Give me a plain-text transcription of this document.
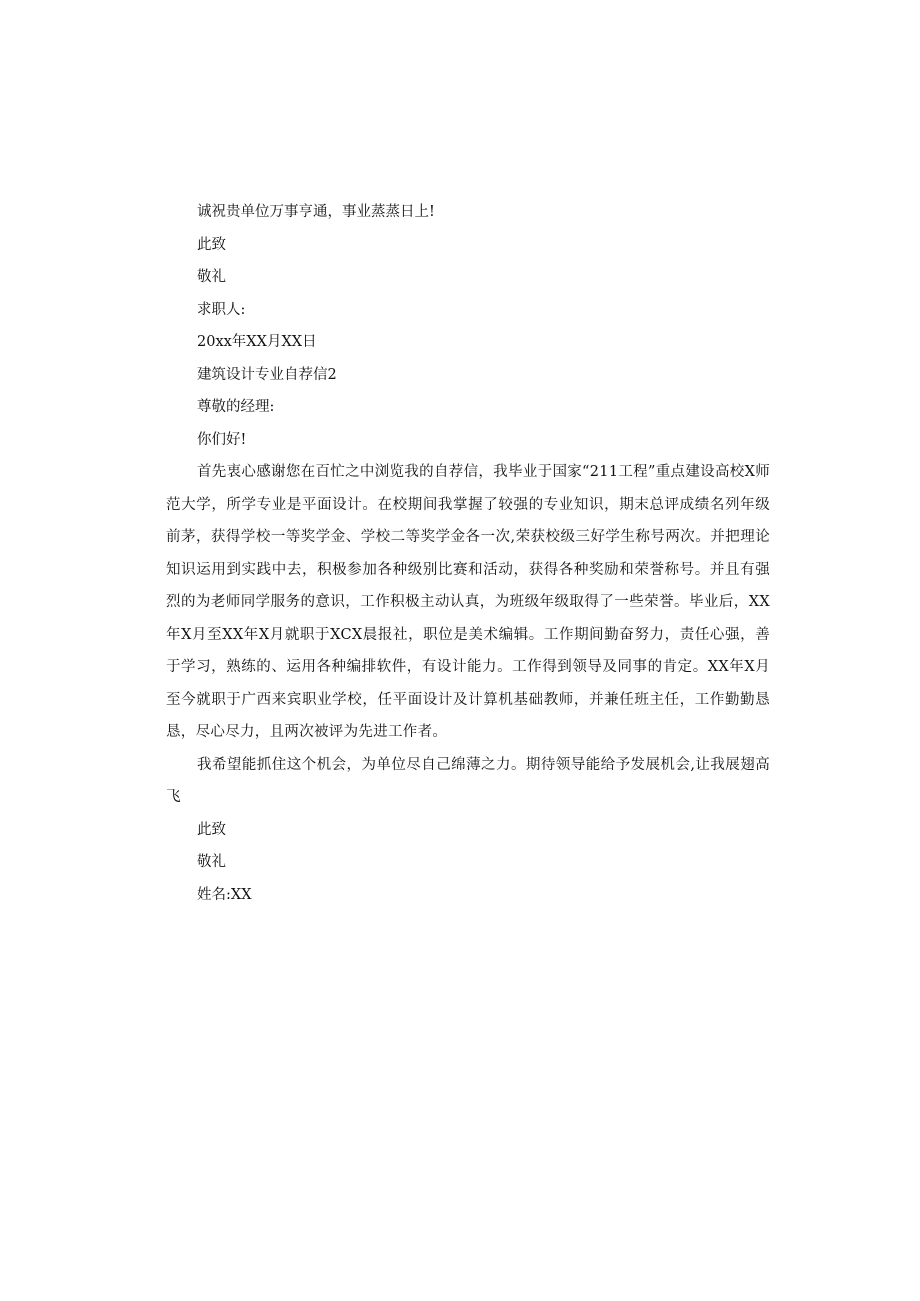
诚祝贵单位万事亨通，事业蒸蒸日上!

此致

敬礼

求职人:

20xx年XX月XX日

建筑设计专业自荐信2

尊敬的经理:

你们好!

首先衷心感谢您在百忙之中浏览我的自荐信，我毕业于国家“211工程”重点建设高校X师范大学，所学专业是平面设计。在校期间我掌握了较强的专业知识，期末总评成绩名列年级前茅，获得学校一等奖学金、学校二等奖学金各一次,荣获校级三好学生称号两次。并把理论知识运用到实践中去，积极参加各种级别比赛和活动，获得各种奖励和荣誉称号。并且有强烈的为老师同学服务的意识，工作积极主动认真，为班级年级取得了一些荣誉。毕业后，XX年X月至XX年X月就职于XCX晨报社，职位是美术编辑。工作期间勤奋努力，责任心强，善于学习，熟练的、运用各种编排软件，有设计能力。工作得到领导及同事的肯定。XX年X月至今就职于广西来宾职业学校，任平面设计及计算机基础教师，并兼任班主任，工作勤勤恳恳，尽心尽力，且两次被评为先进工作者。

我希望能抓住这个机会，为单位尽自己绵薄之力。期待领导能给予发展机会,让我展翅高飞

此致

敬礼

姓名:XX
